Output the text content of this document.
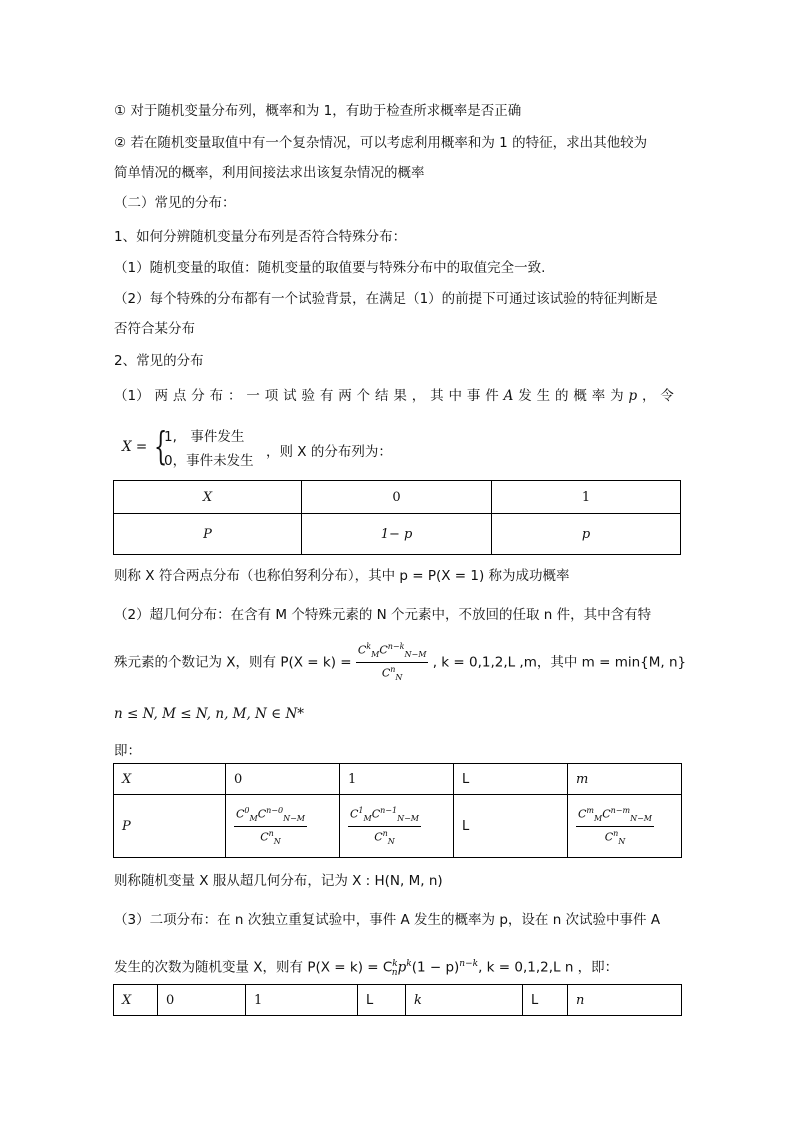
① 对于随机变量分布列，概率和为 1，有助于检查所求概率是否正确
② 若在随机变量取值中有一个复杂情况，可以考虑利用概率和为 1 的特征，求出其他较为
简单情况的概率，利用间接法求出该复杂情况的概率
（二）常见的分布：
1、如何分辨随机变量分布列是否符合特殊分布：
（1）随机变量的取值：随机变量的取值要与特殊分布中的取值完全一致.
（2）每个特殊的分布都有一个试验背景，在满足（1）的前提下可通过该试验的特征判断是
否符合某分布
2、常见的分布
（1） 两 点 分 布 ： 一 项 试 验 有 两 个 结 果 ， 其 中 事 件 A 发 生 的 概 率 为 p ， 令
X = {
1,　事件发生
0，事件未发生
，则 X 的分布列为：
X	0	1
P	1− p	p
则称 X 符合两点分布（也称伯努利分布），其中 p = P(X = 1) 称为成功概率
（2）超几何分布：在含有 M 个特殊元素的 N 个元素中，不放回的任取 n 件，其中含有特
殊元素的个数记为 X，则有 $P(X = k) = \frac{C^k_MC^{n-k}_{N-M}}{C^n_N}$ , k = 0,1,2,L ,m，其中 m = min{M, n}
n ≤ N, M ≤ N, n, M, N ∈ N*
即：
X	0	1	L	m
P	$\frac{C^0_MC^{n-0}_{N-M}}{C^n_N}$	$\frac{C^1_MC^{n-1}_{N-M}}{C^n_N}$	L	$\frac{C^m_MC^{n-m}_{N-M}}{C^n_N}$
则称随机变量 X 服从超几何分布，记为 X : H(N, M, n)
（3）二项分布：在 n 次独立重复试验中，事件 A 发生的概率为 p，设在 n 次试验中事件 A
发生的次数为随机变量 X，则有 $P(X = k) = C^k_np^k(1 - p)^{n-k}$, k = 0,1,2,L n ，即：
X	0	1	L	k	L	n
